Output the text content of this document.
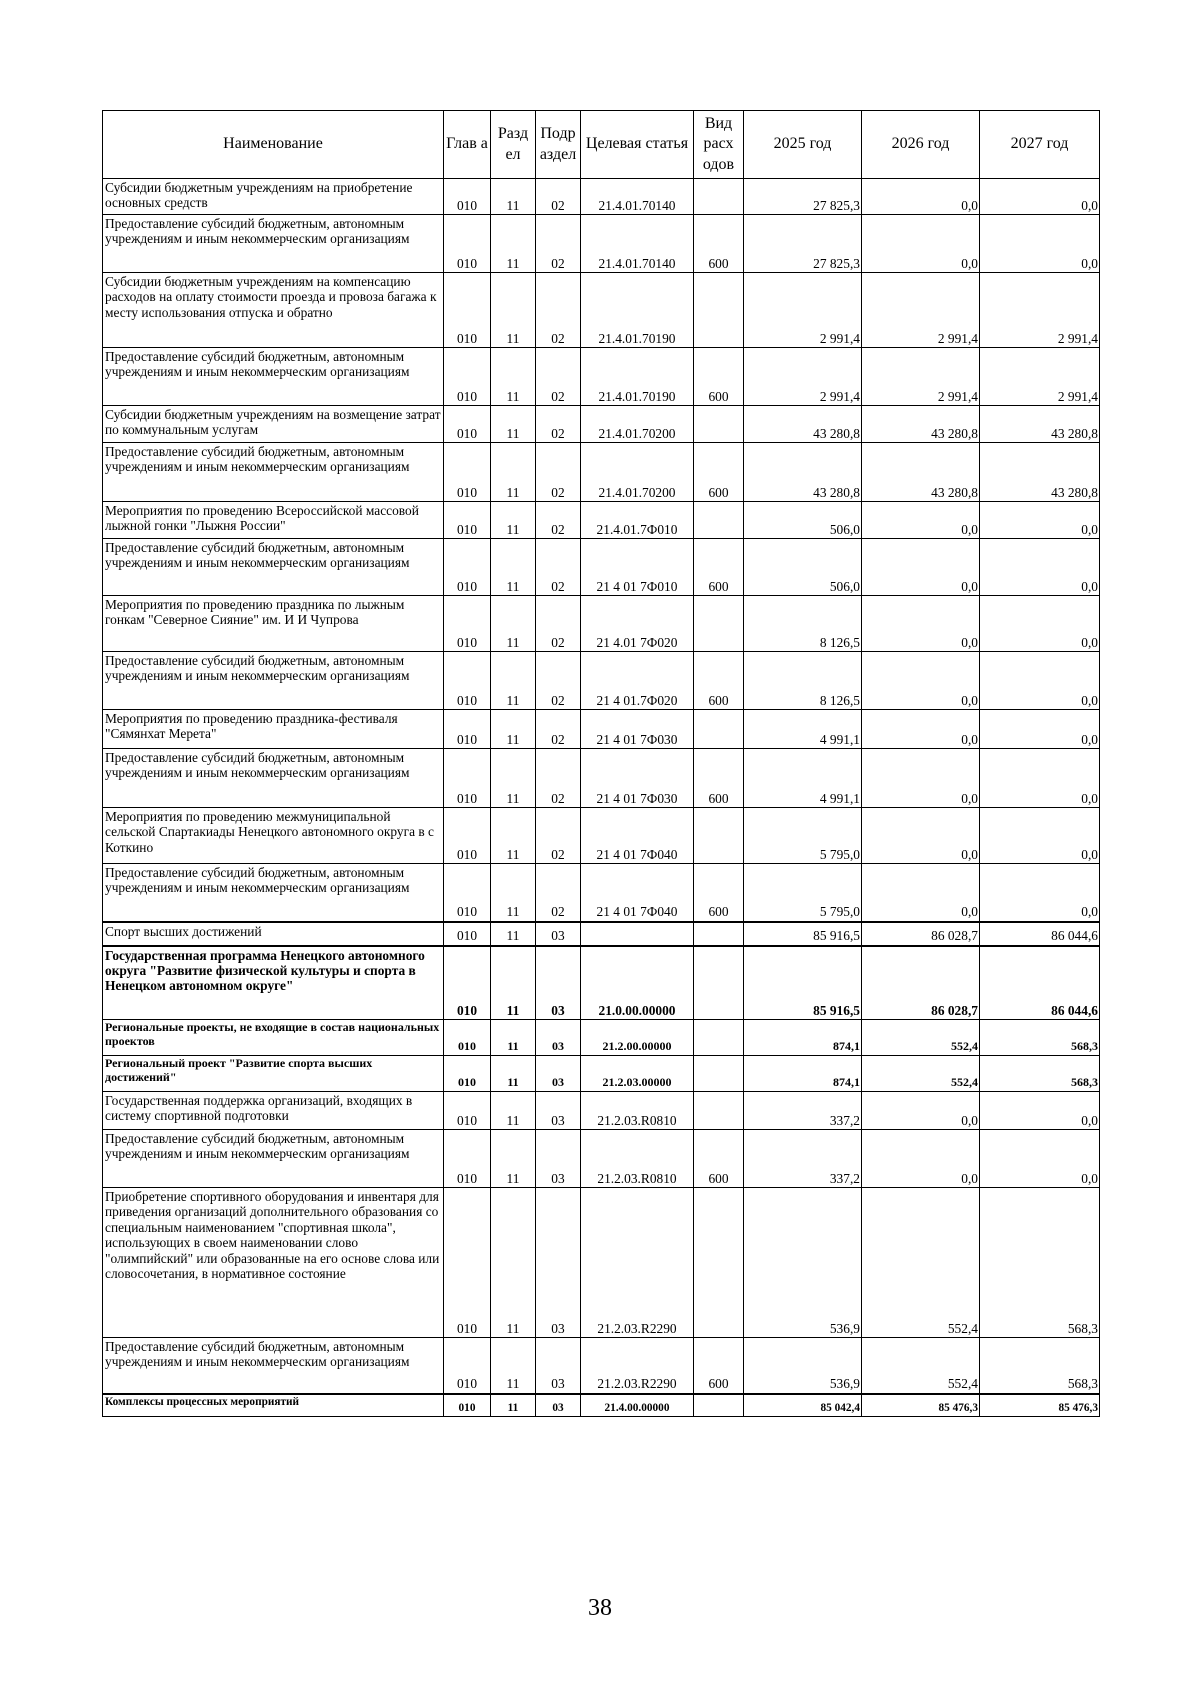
Наименование	Глав а	Разд ел	Подр аздел	Целевая статья	Вид расх одов	2025 год	2026 год	2027 год
Субсидии бюджетным учреждениям на приобретение основных средств	010	11	02	21.4.01.70140		27 825,3	0,0	0,0
Предоставление субсидий бюджетным, автономным учреждениям и иным некоммерческим организациям	010	11	02	21.4.01.70140	600	27 825,3	0,0	0,0
Субсидии бюджетным учреждениям на компенсацию расходов на оплату стоимости проезда и провоза багажа к месту использования отпуска и обратно	010	11	02	21.4.01.70190		2 991,4	2 991,4	2 991,4
Предоставление субсидий бюджетным, автономным учреждениям и иным некоммерческим организациям	010	11	02	21.4.01.70190	600	2 991,4	2 991,4	2 991,4
Субсидии бюджетным учреждениям на возмещение затрат по коммунальным услугам	010	11	02	21.4.01.70200		43 280,8	43 280,8	43 280,8
Предоставление субсидий бюджетным, автономным учреждениям и иным некоммерческим организациям	010	11	02	21.4.01.70200	600	43 280,8	43 280,8	43 280,8
Мероприятия по проведению Всероссийской массовой лыжной гонки "Лыжня России"	010	11	02	21.4.01.7Ф010		506,0	0,0	0,0
Предоставление субсидий бюджетным, автономным учреждениям и иным некоммерческим организациям	010	11	02	21 4 01 7Ф010	600	506,0	0,0	0,0
Мероприятия по проведению праздника по лыжным гонкам "Северное Сияние" им. И И Чупрова	010	11	02	21 4.01 7Ф020		8 126,5	0,0	0,0
Предоставление субсидий бюджетным, автономным учреждениям и иным некоммерческим организациям	010	11	02	21 4 01.7Ф020	600	8 126,5	0,0	0,0
Мероприятия по проведению праздника-фестиваля "Сямянхат Мерета"	010	11	02	21 4 01 7Ф030		4 991,1	0,0	0,0
Предоставление субсидий бюджетным, автономным учреждениям и иным некоммерческим организациям	010	11	02	21 4 01 7Ф030	600	4 991,1	0,0	0,0
Мероприятия по проведению межмуниципальной сельской Спартакиады Ненецкого автономного округа в с Коткино	010	11	02	21 4 01 7Ф040		5 795,0	0,0	0,0
Предоставление субсидий бюджетным, автономным учреждениям и иным некоммерческим организациям	010	11	02	21 4 01 7Ф040	600	5 795,0	0,0	0,0
Спорт высших достижений	010	11	03			85 916,5	86 028,7	86 044,6
Государственная программа Ненецкого автономного округа "Развитие физической культуры и спорта в Ненецком автономном округе"	010	11	03	21.0.00.00000		85 916,5	86 028,7	86 044,6
Региональные проекты, не входящие в состав национальных проектов	010	11	03	21.2.00.00000		874,1	552,4	568,3
Региональный проект "Развитие спорта высших достижений"	010	11	03	21.2.03.00000		874,1	552,4	568,3
Государственная поддержка организаций, входящих в систему спортивной подготовки	010	11	03	21.2.03.R0810		337,2	0,0	0,0
Предоставление субсидий бюджетным, автономным учреждениям и иным некоммерческим организациям	010	11	03	21.2.03.R0810	600	337,2	0,0	0,0
Приобретение спортивного оборудования и инвентаря для приведения организаций дополнительного образования со специальным наименованием "спортивная школа", использующих в своем наименовании слово "олимпийский" или образованные на его основе слова или словосочетания, в нормативное состояние	010	11	03	21.2.03.R2290		536,9	552,4	568,3
Предоставление субсидий бюджетным, автономным учреждениям и иным некоммерческим организациям	010	11	03	21.2.03.R2290	600	536,9	552,4	568,3
Комплексы процессных мероприятий	010	11	03	21.4.00.00000		85 042,4	85 476,3	85 476,3
38
